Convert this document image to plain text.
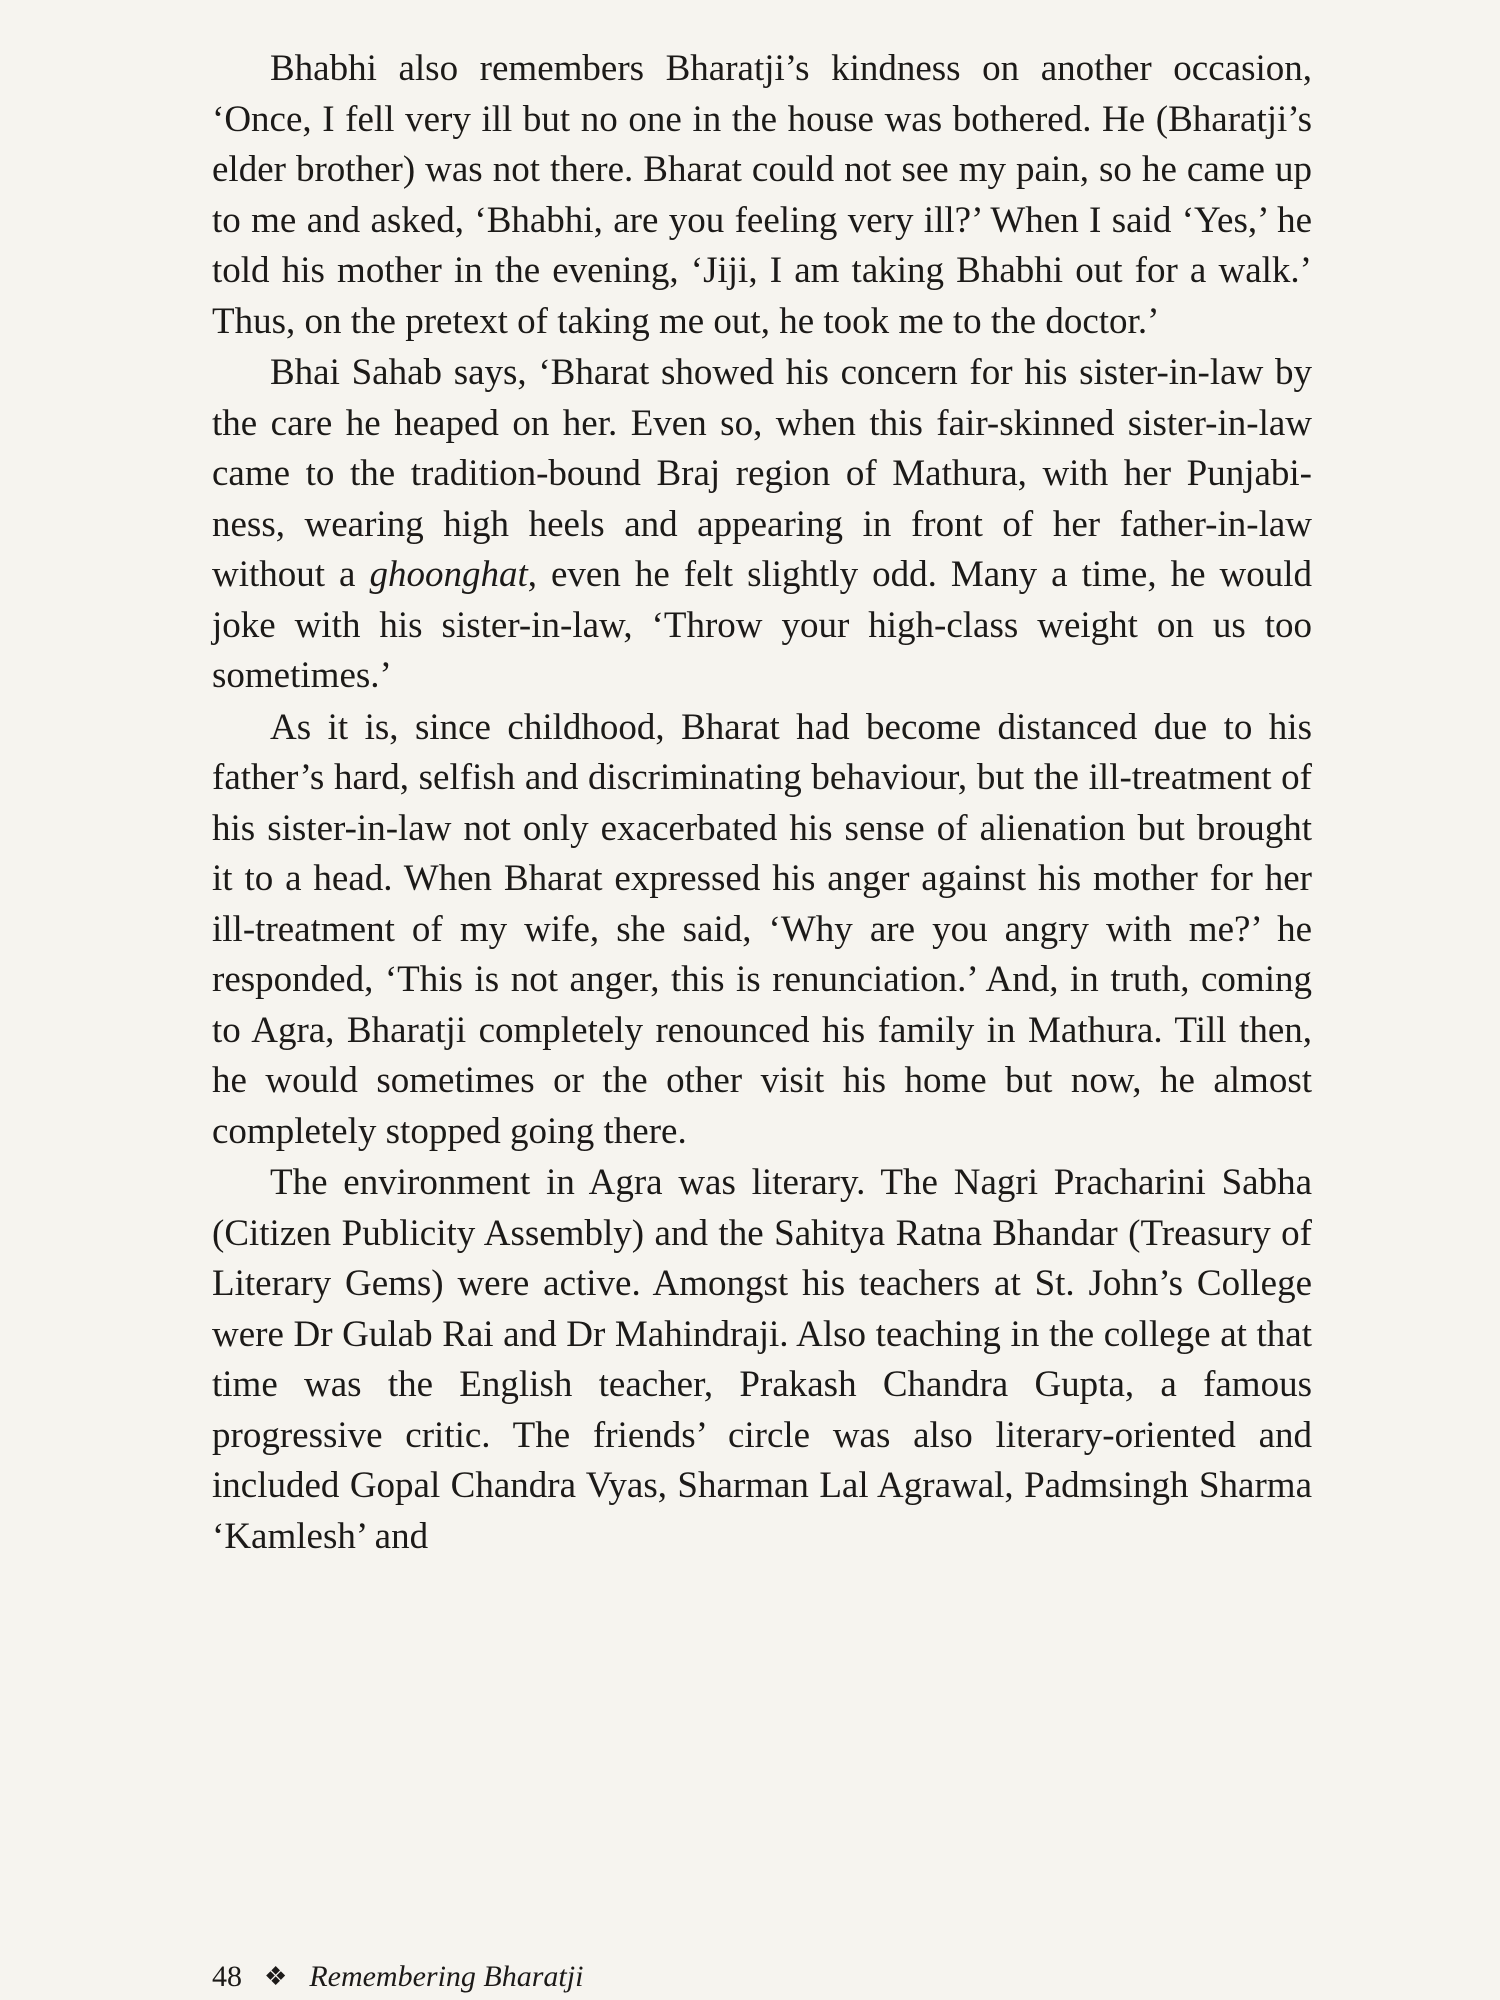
Bhabhi also remembers Bharatji’s kindness on another occasion, ‘Once, I fell very ill but no one in the house was bothered. He (Bharatji’s elder brother) was not there. Bharat could not see my pain, so he came up to me and asked, ‘Bhabhi, are you feeling very ill?’ When I said ‘Yes,’ he told his mother in the evening, ‘Jiji, I am taking Bhabhi out for a walk.’ Thus, on the pretext of taking me out, he took me to the doctor.’

Bhai Sahab says, ‘Bharat showed his concern for his sister-in-law by the care he heaped on her. Even so, when this fair-skinned sister-in-law came to the tradition-bound Braj region of Mathura, with her Punjabi-ness, wearing high heels and appearing in front of her father-in-law without a ghoonghat, even he felt slightly odd. Many a time, he would joke with his sister-in-law, ‘Throw your high-class weight on us too sometimes.’

As it is, since childhood, Bharat had become distanced due to his father’s hard, selfish and discriminating behaviour, but the ill-treatment of his sister-in-law not only exacerbated his sense of alienation but brought it to a head. When Bharat expressed his anger against his mother for her ill-treatment of my wife, she said, ‘Why are you angry with me?’ he responded, ‘This is not anger, this is renunciation.’ And, in truth, coming to Agra, Bharatji completely renounced his family in Mathura. Till then, he would sometimes or the other visit his home but now, he almost completely stopped going there.

The environment in Agra was literary. The Nagri Pracharini Sabha (Citizen Publicity Assembly) and the Sahitya Ratna Bhandar (Treasury of Literary Gems) were active. Amongst his teachers at St. John’s College were Dr Gulab Rai and Dr Mahindraji. Also teaching in the college at that time was the English teacher, Prakash Chandra Gupta, a famous progressive critic. The friends’ circle was also literary-oriented and included Gopal Chandra Vyas, Sharman Lal Agrawal, Padmsingh Sharma ‘Kamlesh’ and

48 ❖ Remembering Bharatji
